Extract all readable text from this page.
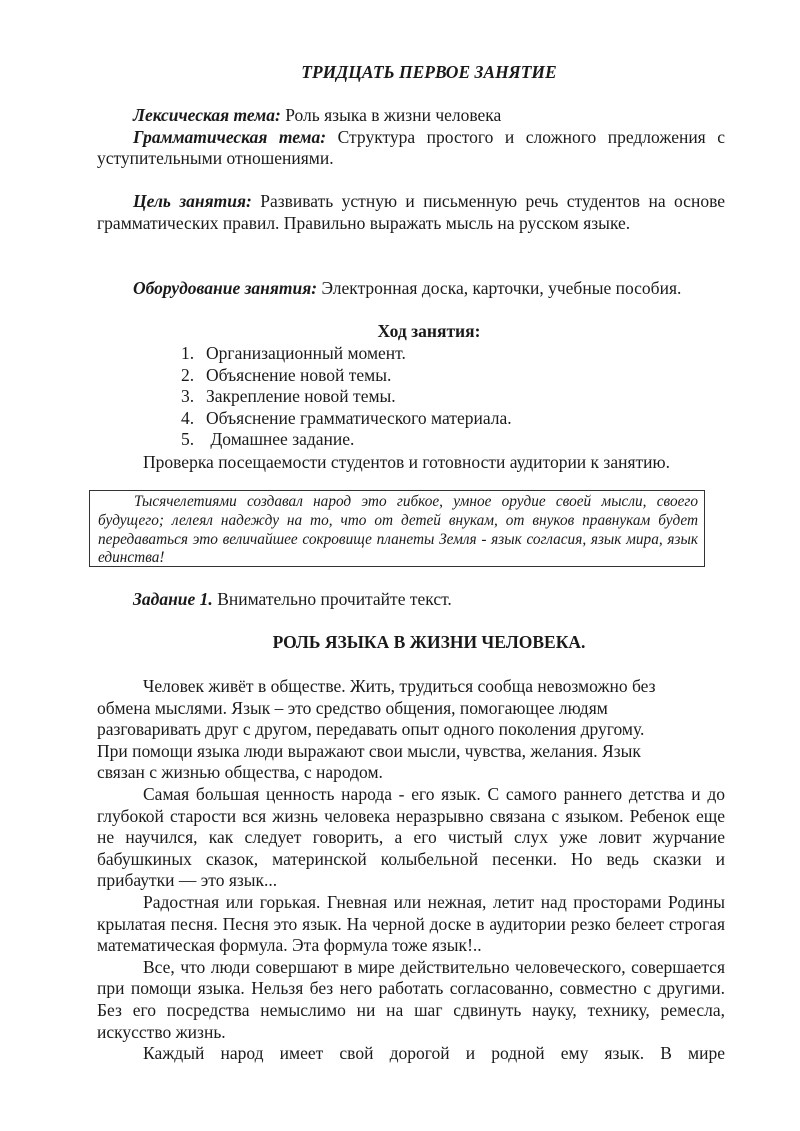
ТРИДЦАТЬ ПЕРВОЕ ЗАНЯТИЕ

Лексическая тема: Роль языка в жизни человека

Грамматическая тема: Структура простого и сложного предложения с уступительными отношениями.

Цель занятия: Развивать устную и письменную речь студентов на основе грамматических правил. Правильно выражать мысль на русском языке.

Оборудование занятия: Электронная доска, карточки, учебные пособия.

Ход занятия:
1. Организационный момент.
2. Объяснение новой темы.
3. Закрепление новой темы.
4. Объяснение грамматического материала.
5. Домашнее задание.
Проверка посещаемости студентов и готовности аудитории к занятию.
Тысячелетиями создавал народ это гибкое, умное орудие своей мысли, своего будущего; лелеял надежду на то, что от детей внукам, от внуков правнукам будет передаваться это величайшее сокровище планеты Земля - язык согласия, язык мира, язык единства!

Задание 1. Внимательно прочитайте текст.

РОЛЬ ЯЗЫКА В ЖИЗНИ ЧЕЛОВЕКА.
Человек живёт в обществе. Жить, трудиться сообща невозможно без
обмена мыслями. Язык – это средство общения, помогающее людям
разговаривать друг с другом, передавать опыт одного поколения другому.
При помощи языка люди выражают свои мысли, чувства, желания. Язык
связан с жизнью общества, с народом.

Самая большая ценность народа - его язык. С самого раннего детства и до глубокой старости вся жизнь человека неразрывно связана с языком. Ребенок еще не научился, как следует говорить, а его чистый слух уже ловит журчание бабушкиных сказок, материнской колыбельной песенки. Но ведь сказки и прибаутки — это язык...

Радостная или горькая. Гневная или нежная, летит над просторами Родины крылатая песня. Песня это язык. На черной доске в аудитории резко белеет строгая математическая формула. Эта формула тоже язык!..

Все, что люди совершают в мире действительно человеческого, совершается при помощи языка. Нельзя без него работать согласованно, совместно с другими. Без его посредства немыслимо ни на шаг сдвинуть науку, технику, ремесла, искусство жизнь.

Каждый народ имеет свой дорогой и родной ему язык. В мире
